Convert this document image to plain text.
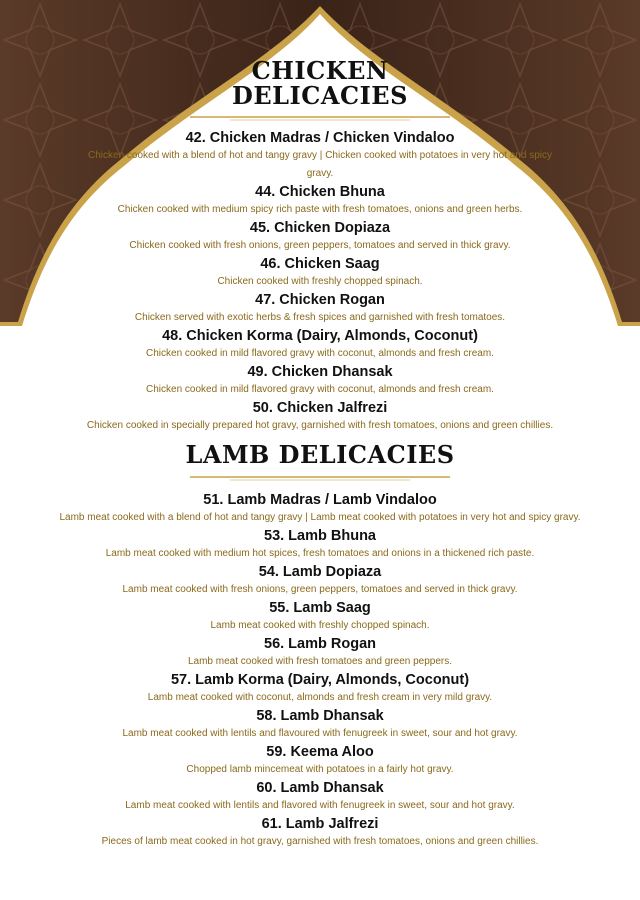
CHICKEN
DELICACIES
42. Chicken Madras / Chicken Vindaloo
Chicken cooked with a blend of hot and tangy gravy | Chicken cooked with potatoes in very hot and spicy gravy.
44. Chicken Bhuna
Chicken cooked with medium spicy rich paste with fresh tomatoes, onions and green herbs.
45. Chicken Dopiaza
Chicken cooked with fresh onions, green peppers, tomatoes and served in thick gravy.
46. Chicken Saag
Chicken cooked with freshly chopped spinach.
47. Chicken Rogan
Chicken served with exotic herbs & fresh spices and garnished with fresh tomatoes.
48. Chicken Korma (Dairy, Almonds, Coconut)
Chicken cooked in mild flavored gravy with coconut, almonds and fresh cream.
49. Chicken Dhansak
Chicken cooked in mild flavored gravy with coconut, almonds and fresh cream.
50. Chicken Jalfrezi
Chicken cooked in specially prepared hot gravy, garnished with fresh tomatoes, onions and green chillies.
LAMB DELICACIES
51. Lamb Madras / Lamb Vindaloo
Lamb meat cooked with a blend of hot and tangy gravy | Lamb meat cooked with potatoes in very hot and spicy gravy.
53. Lamb Bhuna
Lamb meat cooked with medium hot spices, fresh tomatoes and onions in a thickened rich paste.
54. Lamb Dopiaza
Lamb meat cooked with fresh onions, green peppers, tomatoes and served in thick gravy.
55. Lamb Saag
Lamb meat cooked with freshly chopped spinach.
56. Lamb Rogan
Lamb meat cooked with fresh tomatoes and green peppers.
57. Lamb Korma (Dairy, Almonds, Coconut)
Lamb meat cooked with coconut, almonds and fresh cream in very mild gravy.
58. Lamb Dhansak
Lamb meat cooked with lentils and flavoured with fenugreek in sweet, sour and hot gravy.
59. Keema Aloo
Chopped lamb mincemeat with potatoes in a fairly hot gravy.
60. Lamb Dhansak
Lamb meat cooked with lentils and flavored with fenugreek in sweet, sour and hot gravy.
61. Lamb Jalfrezi
Pieces of lamb meat cooked in hot gravy, garnished with fresh tomatoes, onions and green chillies.
